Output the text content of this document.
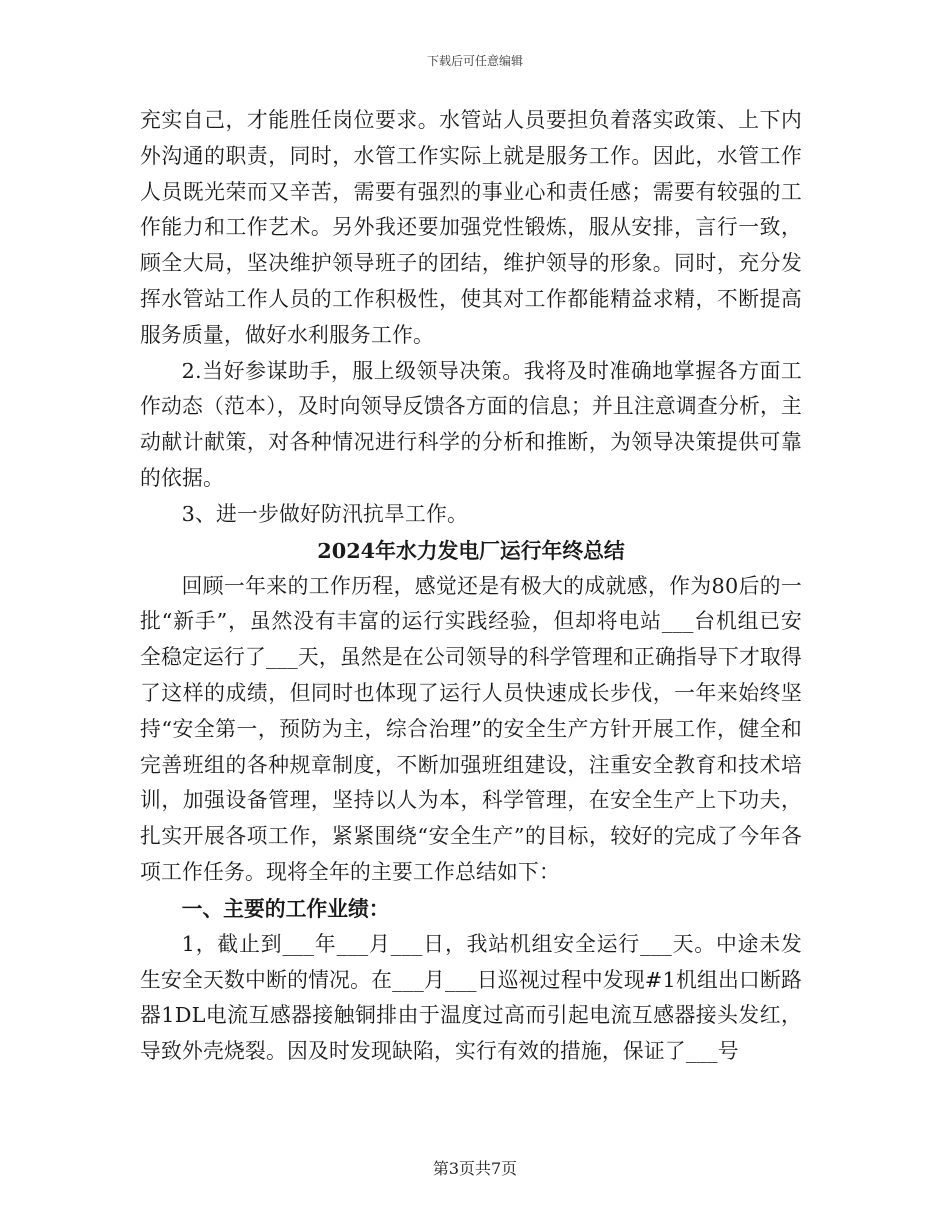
下载后可任意编辑

充实自己，才能胜任岗位要求。水管站人员要担负着落实政策、上下内外沟通的职责，同时，水管工作实际上就是服务工作。因此，水管工作人员既光荣而又辛苦，需要有强烈的事业心和责任感；需要有较强的工作能力和工作艺术。另外我还要加强党性锻炼，服从安排，言行一致，顾全大局，坚决维护领导班子的团结，维护领导的形象。同时，充分发挥水管站工作人员的工作积极性，使其对工作都能精益求精，不断提高服务质量，做好水利服务工作。

2.当好参谋助手，服上级领导决策。我将及时准确地掌握各方面工作动态（范本），及时向领导反馈各方面的信息；并且注意调查分析，主动献计献策，对各种情况进行科学的分析和推断，为领导决策提供可靠的依据。

3、进一步做好防汛抗旱工作。

2024年水力发电厂运行年终总结

回顾一年来的工作历程，感觉还是有极大的成就感，作为80后的一批“新手”，虽然没有丰富的运行实践经验，但却将电站___台机组已安全稳定运行了___天，虽然是在公司领导的科学管理和正确指导下才取得了这样的成绩，但同时也体现了运行人员快速成长步伐，一年来始终坚持“安全第一，预防为主，综合治理”的安全生产方针开展工作，健全和完善班组的各种规章制度，不断加强班组建设，注重安全教育和技术培训，加强设备管理，坚持以人为本，科学管理，在安全生产上下功夫，扎实开展各项工作，紧紧围绕“安全生产”的目标，较好的完成了今年各项工作任务。现将全年的主要工作总结如下：

一、主要的工作业绩：

1，截止到___年___月___日，我站机组安全运行___天。中途未发生安全天数中断的情况。在___月___日巡视过程中发现#1机组出口断路器1DL电流互感器接触铜排由于温度过高而引起电流互感器接头发红，导致外壳烧裂。因及时发现缺陷，实行有效的措施，保证了___号

第3页共7页
